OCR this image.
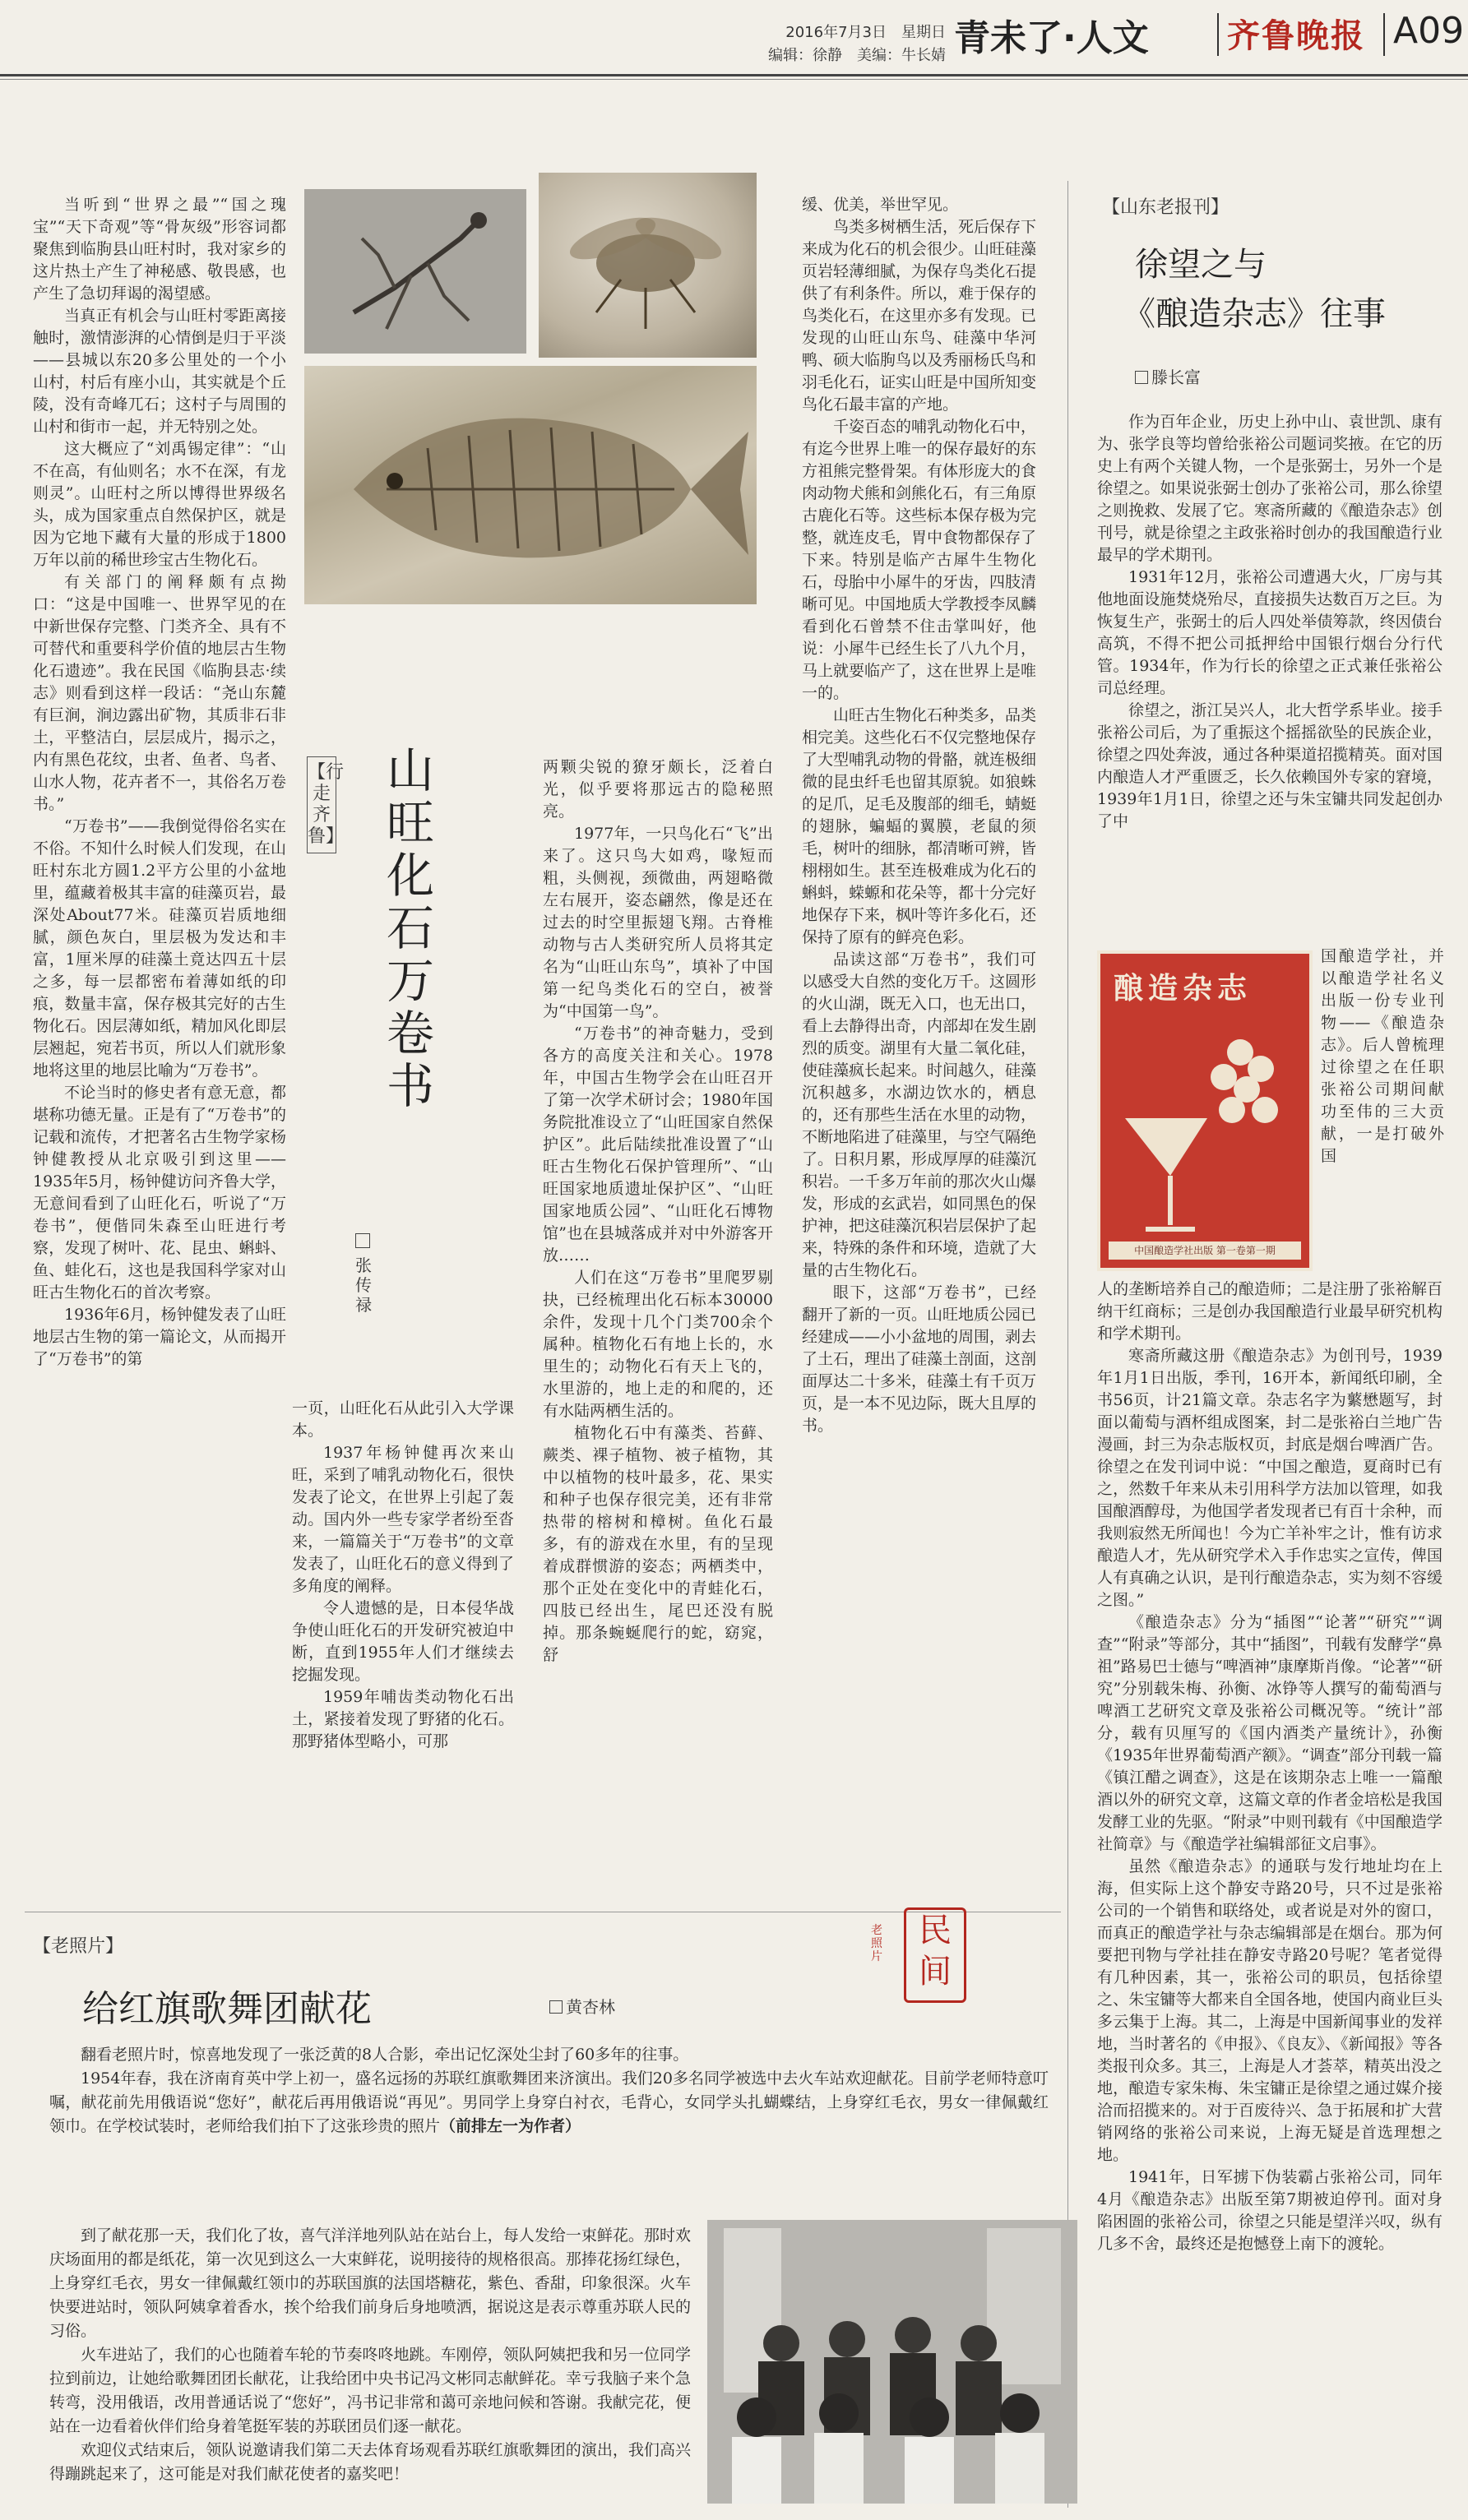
2016年7月3日　星期日
编辑：徐静　美编：牛长婧 青未了·人文 齐鲁晚报 A09

当听到“世界之最”“国之瑰宝”“天下奇观”等“骨灰级”形容词都聚焦到临朐县山旺村时，我对家乡的这片热土产生了神秘感、敬畏感，也产生了急切拜谒的渴望感。

当真正有机会与山旺村零距离接触时，激情澎湃的心情倒是归于平淡——县城以东20多公里处的一个小山村，村后有座小山，其实就是个丘陵，没有奇峰兀石；这村子与周围的山村和街市一起，并无特别之处。

这大概应了“刘禹锡定律”：“山不在高，有仙则名；水不在深，有龙则灵”。山旺村之所以博得世界级名头，成为国家重点自然保护区，就是因为它地下藏有大量的形成于1800万年以前的稀世珍宝古生物化石。

有关部门的阐释颇有点拗口：“这是中国唯一、世界罕见的在中新世保存完整、门类齐全、具有不可替代和重要科学价值的地层古生物化石遗迹”。我在民国《临朐县志·续志》则看到这样一段话：“尧山东麓有巨涧，涧边露出矿物，其质非石非土，平整洁白，层层成片，揭示之，内有黑色花纹，虫者、鱼者、鸟者、山水人物，花卉者不一，其俗名万卷书。”

“万卷书”——我倒觉得俗名实在不俗。不知什么时候人们发现，在山旺村东北方圆1.2平方公里的小盆地里，蕴藏着极其丰富的硅藻页岩，最深处About77米。硅藻页岩质地细腻，颜色灰白，里层极为发达和丰富，1厘米厚的硅藻土竟达四五十层之多，每一层都密布着薄如纸的印痕，数量丰富，保存极其完好的古生物化石。因层薄如纸，精加风化即层层翘起，宛若书页，所以人们就形象地将这里的地层比喻为“万卷书”。

不论当时的修史者有意无意，都堪称功德无量。正是有了“万卷书”的记载和流传，才把著名古生物学家杨钟健教授从北京吸引到这里——1935年5月，杨钟健访问齐鲁大学，无意间看到了山旺化石，听说了“万卷书”，便偕同朱森至山旺进行考察，发现了树叶、花、昆虫、蝌蚪、鱼、蛙化石，这也是我国科学家对山旺古生物化石的首次考察。

1936年6月，杨钟健发表了山旺地层古生物的第一篇论文，从而揭开了“万卷书”的第

【行走齐鲁】
山旺化石万卷书
张传禄

一页，山旺化石从此引入大学课本。

1937年杨钟健再次来山旺，采到了哺乳动物化石，很快发表了论文，在世界上引起了轰动。国内外一些专家学者纷至沓来，一篇篇关于“万卷书”的文章发表了，山旺化石的意义得到了多角度的阐释。

令人遗憾的是，日本侵华战争使山旺化石的开发研究被迫中断，直到1955年人们才继续去挖掘发现。

1959年哺齿类动物化石出土，紧接着发现了野猪的化石。那野猪体型略小，可那

两颗尖锐的獠牙颇长，泛着白光，似乎要将那远古的隐秘照亮。

1977年，一只鸟化石“飞”出来了。这只鸟大如鸡，喙短而粗，头侧视，颈微曲，两翅略微左右展开，姿态翩然，像是还在过去的时空里振翅飞翔。古脊椎动物与古人类研究所人员将其定名为“山旺山东鸟”，填补了中国第一纪鸟类化石的空白，被誉为“中国第一鸟”。

“万卷书”的神奇魅力，受到各方的高度关注和关心。1978年，中国古生物学会在山旺召开了第一次学术研讨会；1980年国务院批准设立了“山旺国家自然保护区”。此后陆续批准设置了“山旺古生物化石保护管理所”、“山旺国家地质遗址保护区”、“山旺国家地质公园”、“山旺化石博物馆”也在县城落成并对中外游客开放……

人们在这“万卷书”里爬罗剔抉，已经梳理出化石标本30000余件，发现十几个门类700余个属种。植物化石有地上长的，水里生的；动物化石有天上飞的，水里游的，地上走的和爬的，还有水陆两栖生活的。

植物化石中有藻类、苔藓、蕨类、裸子植物、被子植物，其中以植物的枝叶最多，花、果实和种子也保存很完美，还有非常热带的榕树和樟树。鱼化石最多，有的游戏在水里，有的呈现着成群惯游的姿态；两栖类中，那个正处在变化中的青蛙化石，四肢已经出生，尾巴还没有脱掉。那条蜿蜒爬行的蛇，窈窕，舒

缓、优美，举世罕见。

鸟类多树栖生活，死后保存下来成为化石的机会很少。山旺硅藻页岩轻薄细腻，为保存鸟类化石提供了有利条件。所以，难于保存的鸟类化石，在这里亦多有发现。已发现的山旺山东鸟、硅藻中华河鸭、硕大临朐鸟以及秀丽杨氏鸟和羽毛化石，证实山旺是中国所知变鸟化石最丰富的产地。

千姿百态的哺乳动物化石中，有迄今世界上唯一的保存最好的东方祖熊完整骨架。有体形庞大的食肉动物犬熊和剑熊化石，有三角原古鹿化石等。这些标本保存极为完整，就连皮毛，胃中食物都保存了下来。特别是临产古犀牛生物化石，母胎中小犀牛的牙齿，四肢清晰可见。中国地质大学教授李凤麟看到化石曾禁不住击掌叫好，他说：小犀牛已经生长了八九个月，马上就要临产了，这在世界上是唯一的。

山旺古生物化石种类多，品类相完美。这些化石不仅完整地保存了大型哺乳动物的骨骼，就连极细微的昆虫纤毛也留其原貌。如狼蛛的足爪，足毛及腹部的细毛，蜻蜓的翅脉，蝙蝠的翼膜，老鼠的须毛，树叶的细脉，都清晰可辨，皆栩栩如生。甚至连极难成为化石的蝌蚪，蝾螈和花朵等，都十分完好地保存下来，枫叶等许多化石，还保持了原有的鲜亮色彩。

品读这部“万卷书”，我们可以感受大自然的变化万千。这圆形的火山湖，既无入口，也无出口，看上去静得出奇，内部却在发生剧烈的质变。湖里有大量二氧化硅，使硅藻疯长起来。时间越久，硅藻沉积越多，水湖边饮水的，栖息的，还有那些生活在水里的动物，不断地陷进了硅藻里，与空气隔绝了。日积月累，形成厚厚的硅藻沉积岩。一千多万年前的那次火山爆发，形成的玄武岩，如同黑色的保护神，把这硅藻沉积岩层保护了起来，特殊的条件和环境，造就了大量的古生物化石。

眼下，这部“万卷书”，已经翻开了新的一页。山旺地质公园已经建成——小小盆地的周围，剥去了土石，理出了硅藻土剖面，这剖面厚达二十多米，硅藻土有千页万页，是一本不见边际，既大且厚的书。

【山东老报刊】
徐望之与
《酿造杂志》往事
滕长富

作为百年企业，历史上孙中山、袁世凯、康有为、张学良等均曾给张裕公司题词奖掖。在它的历史上有两个关键人物，一个是张弼士，另外一个是徐望之。如果说张弼士创办了张裕公司，那么徐望之则挽救、发展了它。寒斋所藏的《酿造杂志》创刊号，就是徐望之主政张裕时创办的我国酿造行业最早的学术期刊。

1931年12月，张裕公司遭遇大火，厂房与其他地面设施焚烧殆尽，直接损失达数百万之巨。为恢复生产，张弼士的后人四处举债筹款，终因债台高筑，不得不把公司抵押给中国银行烟台分行代管。1934年，作为行长的徐望之正式兼任张裕公司总经理。

徐望之，浙江吴兴人，北大哲学系毕业。接手张裕公司后，为了重振这个摇摇欲坠的民族企业，徐望之四处奔波，通过各种渠道招揽精英。面对国内酿造人才严重匮乏，长久依赖国外专家的窘境，1939年1月1日，徐望之还与朱宝镛共同发起创办了中

酿造杂志
中国酿造学社出版 第一卷第一期

国酿造学社，并以酿造学社名义出版一份专业刊物——《酿造杂志》。后人曾梳理过徐望之在任职张裕公司期间献功至伟的三大贡献，一是打破外国

人的垄断培养自己的酿造师；二是注册了张裕解百纳干红商标；三是创办我国酿造行业最早研究机构和学术期刊。

寒斋所藏这册《酿造杂志》为创刊号，1939年1月1日出版，季刊，16开本，新闻纸印刷，全书56页，计21篇文章。杂志名字为蘩懋题写，封面以葡萄与酒杯组成图案，封二是张裕白兰地广告漫画，封三为杂志版权页，封底是烟台啤酒广告。徐望之在发刊词中说：“中国之酿造，夏商时已有之，然数千年来从未引用科学方法加以管理，如我国酿酒醇母，为他国学者发现者已有百十余种，而我则寂然无所闻也！今为亡羊补牢之计，惟有访求酿造人才，先从研究学术入手作忠实之宣传，俾国人有真确之认识，是刊行酿造杂志，实为刻不容缓之图。”

《酿造杂志》分为“插图”“论著”“研究”“调查”“附录”等部分，其中“插图”，刊载有发酵学“鼻祖”路易巴士德与“啤酒神”康摩斯肖像。“论著”“研究”分别载朱梅、孙衡、冰铮等人撰写的葡萄酒与啤酒工艺研究文章及张裕公司概况等。“统计”部分，载有贝厘写的《国内酒类产量统计》，孙衡《1935年世界葡萄酒产额》。“调查”部分刊载一篇《镇江醋之调查》，这是在该期杂志上唯一一篇酿酒以外的研究文章，这篇文章的作者金培松是我国发酵工业的先驱。“附录”中则刊载有《中国酿造学社简章》与《酿造学社编辑部征文启事》。

虽然《酿造杂志》的通联与发行地址均在上海，但实际上这个静安寺路20号，只不过是张裕公司的一个销售和联络处，或者说是对外的窗口，而真正的酿造学社与杂志编辑部是在烟台。那为何要把刊物与学社挂在静安寺路20号呢？笔者觉得有几种因素，其一，张裕公司的职员，包括徐望之、朱宝镛等大都来自全国各地，使国内商业巨头多云集于上海。其二，上海是中国新闻事业的发祥地，当时著名的《申报》、《良友》、《新闻报》等各类报刊众多。其三，上海是人才荟萃，精英出没之地，酿造专家朱梅、朱宝镛正是徐望之通过媒介接洽而招揽来的。对于百废待兴、急于拓展和扩大营销网络的张裕公司来说，上海无疑是首选理想之地。

1941年，日军掳下伪装霸占张裕公司，同年4月《酿造杂志》出版至第7期被迫停刊。面对身陷困圄的张裕公司，徐望之只能是望洋兴叹，纵有几多不舍，最终还是抱憾登上南下的渡轮。

【老照片】
给红旗歌舞团献花	黄杏林
老照片
民间

翻看老照片时，惊喜地发现了一张泛黄的8人合影，牵出记忆深处尘封了60多年的往事。

1954年春，我在济南育英中学上初一，盛名远扬的苏联红旗歌舞团来济演出。我们20多名同学被选中去火车站欢迎献花。目前学老师特意叮嘱，献花前先用俄语说“您好”，献花后再用俄语说“再见”。男同学上身穿白衬衣，毛背心，女同学头扎蝴蝶结，上身穿红毛衣，男女一律佩戴红领巾。在学校试装时，老师给我们拍下了这张珍贵的照片（前排左一为作者）

到了献花那一天，我们化了妆，喜气洋洋地列队站在站台上，每人发给一束鲜花。那时欢庆场面用的都是纸花，第一次见到这么一大束鲜花，说明接待的规格很高。那捧花扬红绿色，上身穿红毛衣，男女一律佩戴红领巾的苏联国旗的法国塔糖花，紫色、香甜，印象很深。火车快要进站时，领队阿姨拿着香水，挨个给我们前身后身地喷洒，据说这是表示尊重苏联人民的习俗。

火车进站了，我们的心也随着车轮的节奏咚咚地跳。车刚停，领队阿姨把我和另一位同学拉到前边，让她给歌舞团团长献花，让我给团中央书记冯文彬同志献鲜花。幸亏我脑子来个急转弯，没用俄语，改用普通话说了“您好”，冯书记非常和蔼可亲地问候和答谢。我献完花，便站在一边看着伙伴们给身着笔挺军装的苏联团员们逐一献花。

欢迎仪式结束后，领队说邀请我们第二天去体育场观看苏联红旗歌舞团的演出，我们高兴得蹦跳起来了，这可能是对我们献花使者的嘉奖吧！
